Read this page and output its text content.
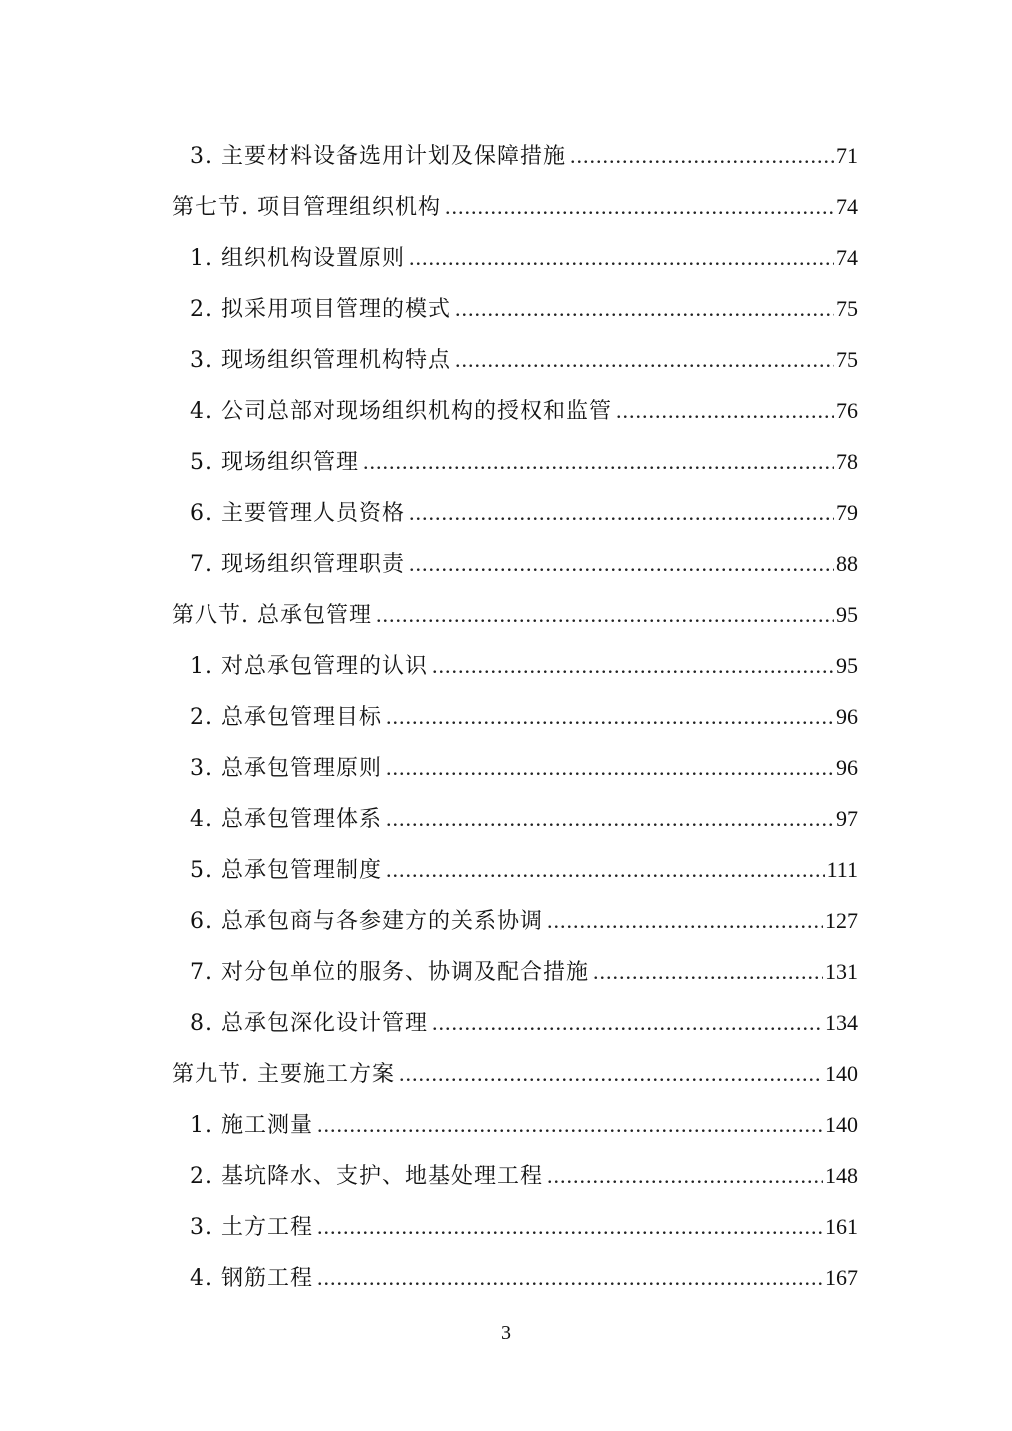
3. 主要材料设备选用计划及保障措施 .....	71
第七节. 项目管理组织机构 .....	74
1. 组织机构设置原则 .....	74
2. 拟采用项目管理的模式 .....	75
3. 现场组织管理机构特点 .....	75
4. 公司总部对现场组织机构的授权和监管 .....	76
5. 现场组织管理 .....	78
6. 主要管理人员资格 .....	79
7. 现场组织管理职责 .....	88
第八节. 总承包管理 .....	95
1. 对总承包管理的认识 .....	95
2. 总承包管理目标 .....	96
3. 总承包管理原则 .....	96
4. 总承包管理体系 .....	97
5. 总承包管理制度 .....	111
6. 总承包商与各参建方的关系协调 .....	127
7. 对分包单位的服务、协调及配合措施 .....	131
8. 总承包深化设计管理 .....	134
第九节. 主要施工方案 .....	140
1. 施工测量 .....	140
2. 基坑降水、支护、地基处理工程 .....	148
3. 土方工程 .....	161
4. 钢筋工程 .....	167
3
